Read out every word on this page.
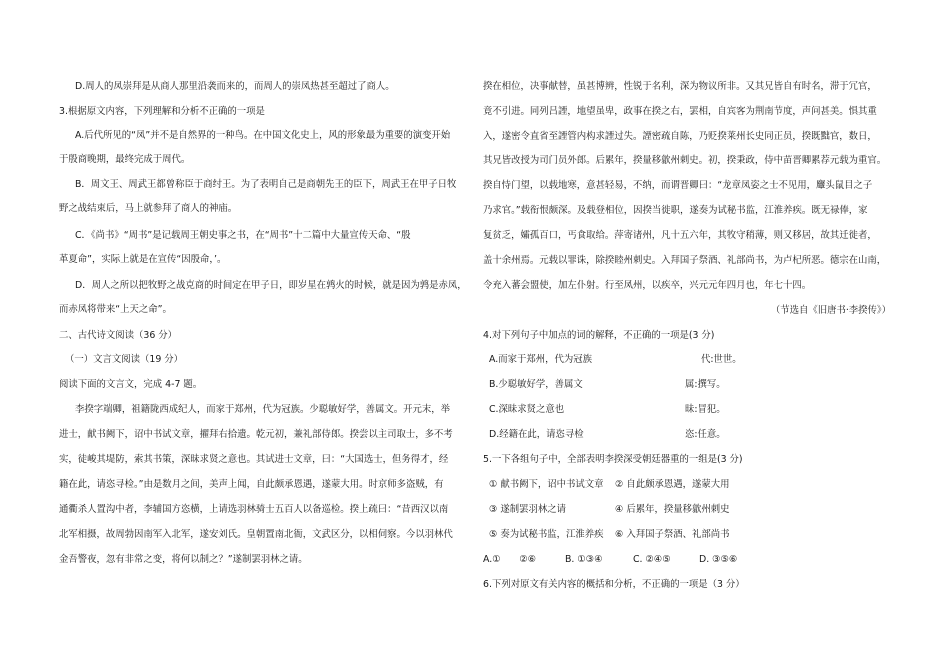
D.周人的凤崇拜是从商人那里沿袭而来的，而周人的崇凤热甚至超过了商人。
3.根据原文内容，下列理解和分析不正确的一项是
A.后代所见的“凤”并不是自然界的一种鸟。在中国文化史上，风的形象最为重要的演变开始
于殷商晚期，最终完成于周代。
B．周文王、周武王都曾称臣于商纣王。为了表明自己是商朝先王的臣下，周武王在甲子日牧
野之战结束后，马上就参拜了商人的神庙。
C．《尚书》“周书”是记载周王朝史事之书，在“周书”十二篇中大量宣传天命、“殷
革夏命”，实际上就是在宣传“因殷命，’。
D．周人之所以把牧野之战克商的时间定在甲子日，即岁星在鹑火的时候，就是因为鹑是赤凤，
而赤凤将带来“上天之命”。
二、古代诗文阅读（36 分）
（一）文言文阅读（19 分）
阅读下面的文言文，完成 4-7 题。
李揆字端卿，祖籍陇西成纪人，而家于郑州，代为冠族。少聪敏好学，善属文。开元末，举
进士，献书阙下，诏中书试文章，擢拜右拾遗。乾元初，兼礼部侍郎。揆尝以主司取士，多不考
实，徒峻其堤防，索其书策，深昧求贤之意也。其试进士文章，曰：“大国选士，但务得才，经
籍在此，请恣寻检。”由是数月之间，美声上闻，自此颇承恩遇，遂蒙大用。时京师多盗贼，有
通衢杀人置沟中者，李辅国方恣横，上请选羽林骑士五百人以备巡检。揆上疏曰：“昔西汉以南
北军相摄，故周勃因南军入北军，遂安刘氏。皇朝置南北衙，文武区分，以相伺察。今以羽林代
金吾警夜，忽有非常之变，将何以制之？”遂制罢羽林之请。
揆在相位，决事献替，虽甚博辨，性锐于名利，深为物议所非。又其兄皆自有时名，滞于冗官，
竟不引进。同列吕諲，地望虽卑，政事在揆之右，罢相，自宾客为荆南节度，声问甚美。惧其重
入，遂密令直省至諲管内构求諲过失。諲密疏自陈，乃贬揆莱州长史同正员，揆既黜官，数日，
其兄皆改授为司门员外郎。后累年，揆量移歙州刺史。初，揆秉政，侍中苗晋卿累荐元载为重官。
揆自恃门望，以载地寒，意甚轻易，不纳，而谓晋卿曰：“龙章凤姿之士不见用，麞头鼠目之子
乃求官。”载衔恨颇深。及载登相位，因揆当徙职，遂奏为试秘书监，江淮养疾。既无禄俸，家
复贫乏，孀孤百口，丐食取给。萍寄诸州，凡十五六年，其牧守稍薄，则又移居，故其迁徙者，
盖十余州焉。元载以罪诛，除揆睦州刺史。入拜国子祭酒、礼部尚书，为卢杞所恶。德宗在山南，
令充入蕃会盟使，加左仆射。行至凤州，以疾卒，兴元元年四月也，年七十四。
（节选自《旧唐书·李揆传》）
4.对下列句子中加点的词的解释，不正确的一项是(3 分)
A.而家于郑州，代为冠族	代:世世。
B.少聪敏好学，善属文	属:撰写。
C.深昧求贤之意也	昧:冒犯。
D.经籍在此，请恣寻检	恣:任意。
5.一下各组句子中，全部表明李揆深受朝廷器重的一组是(3 分)
① 献书阙下，诏中书试文章 ② 自此颇承恩遇，遂蒙大用
③ 遂制罢羽林之请	④ 后累年，揆量移歙州刺史
⑤ 奏为试秘书监，江淮养疾 ⑥ 入拜国子祭酒、礼部尚书
A.①　　②⑥	B. ①③④	C. ②④⑤	D. ③⑤⑥
6.下列对原文有关内容的概括和分析，不正确的一项是（3 分）
